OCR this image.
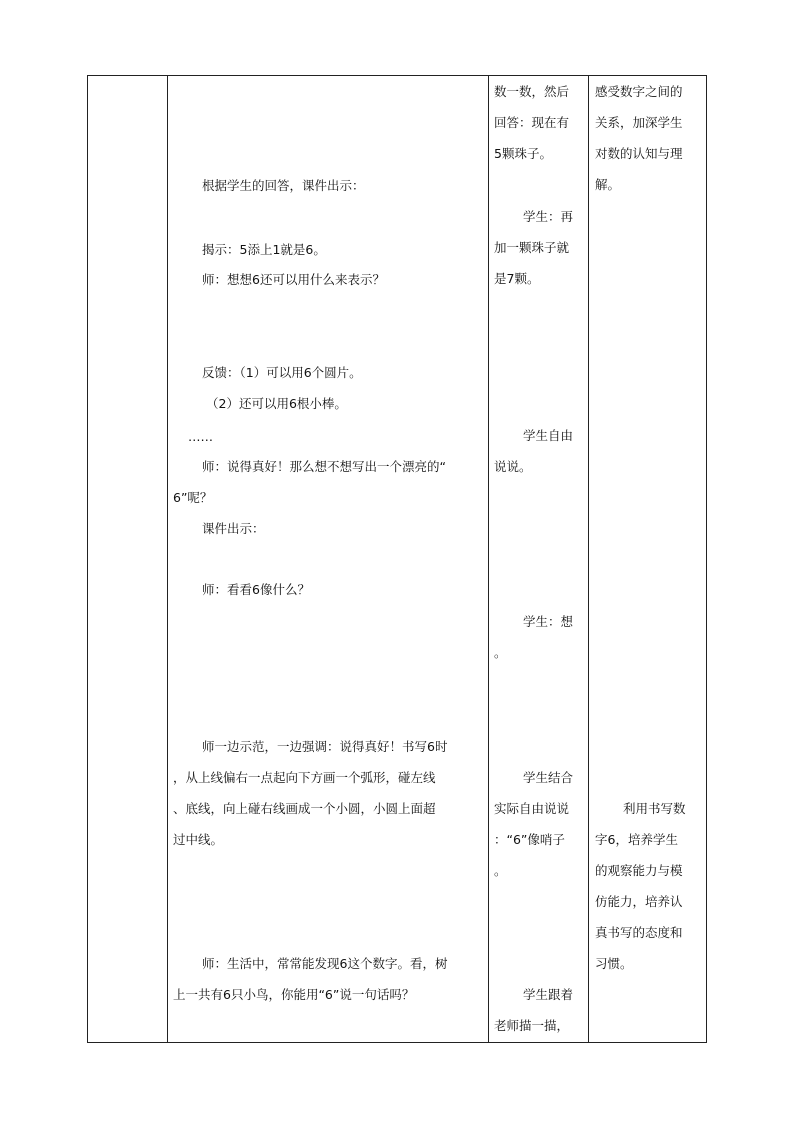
根据学生的回答，课件出示：
揭示：5添上1就是6。
师：想想6还可以用什么来表示？
反馈：（1）可以用6个圆片。
（2）还可以用6根小棒。
……
师：说得真好！那么想不想写出一个漂亮的“
6”呢？
课件出示：
师：看看6像什么？
师一边示范，一边强调：说得真好！书写6时
，从上线偏右一点起向下方画一个弧形，碰左线
、底线，向上碰右线画成一个小圆，小圆上面超
过中线。
师：生活中，常常能发现6这个数字。看，树
上一共有6只小鸟，你能用“6”说一句话吗？
数一数，然后
回答：现在有
5颗珠子。
学生：再
加一颗珠子就
是7颗。
学生自由
说说。
学生：想
。
学生结合
实际自由说说
：“6”像哨子
。
学生跟着
老师描一描，
感受数字之间的
关系，加深学生
对数的认知与理
解。
利用书写数
字6，培养学生
的观察能力与模
仿能力，培养认
真书写的态度和
习惯。
